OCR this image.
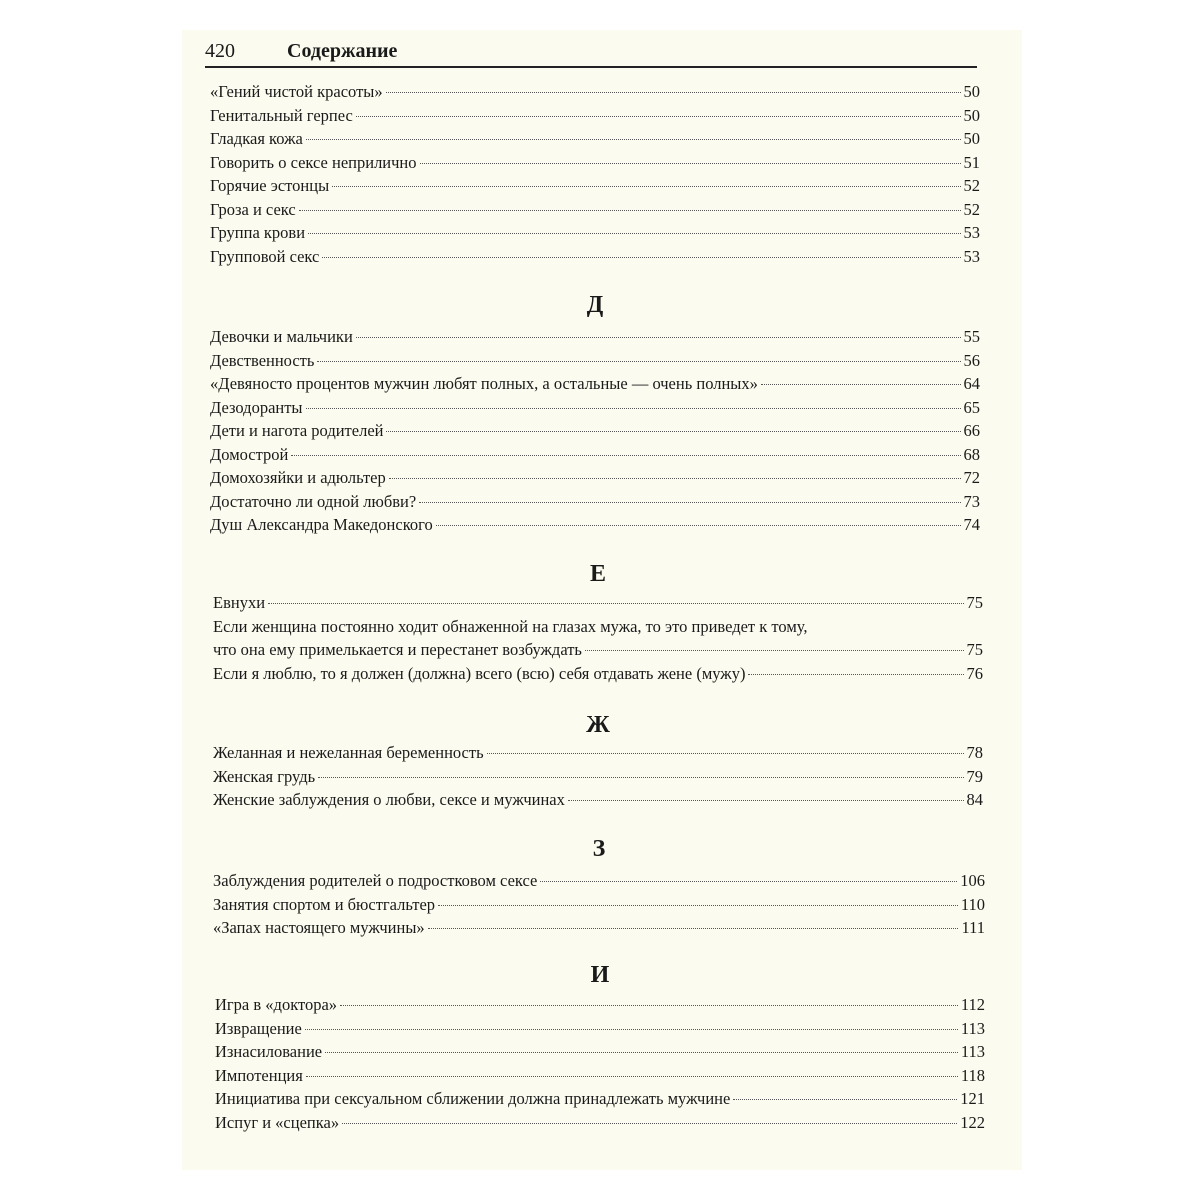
420	Содержание
«Гений чистой красоты»	50
Генитальный герпес	50
Гладкая кожа	50
Говорить о сексе неприлично	51
Горячие эстонцы	52
Гроза и секс	52
Группа крови	53
Групповой секс	53
Д
Девочки и мальчики	55
Девственность	56
«Девяносто процентов мужчин любят полных, а остальные — очень полных»	64
Дезодоранты	65
Дети и нагота родителей	66
Домострой	68
Домохозяйки и адюльтер	72
Достаточно ли одной любви?	73
Душ Александра Македонского	74
Е
Евнухи	75
Если женщина постоянно ходит обнаженной на глазах мужа, то это приведет к тому,
что она ему примелькается и перестанет возбуждать	75
Если я люблю, то я должен (должна) всего (всю) себя отдавать жене (мужу)	76
Ж
Желанная и нежеланная беременность	78
Женская грудь	79
Женские заблуждения о любви, сексе и мужчинах	84
З
Заблуждения родителей о подростковом сексе	106
Занятия спортом и бюстгальтер	110
«Запах настоящего мужчины»	111
И
Игра в «доктора»	112
Извращение	113
Изнасилование	113
Импотенция	118
Инициатива при сексуальном сближении должна принадлежать мужчине	121
Испуг и «сцепка»	122
